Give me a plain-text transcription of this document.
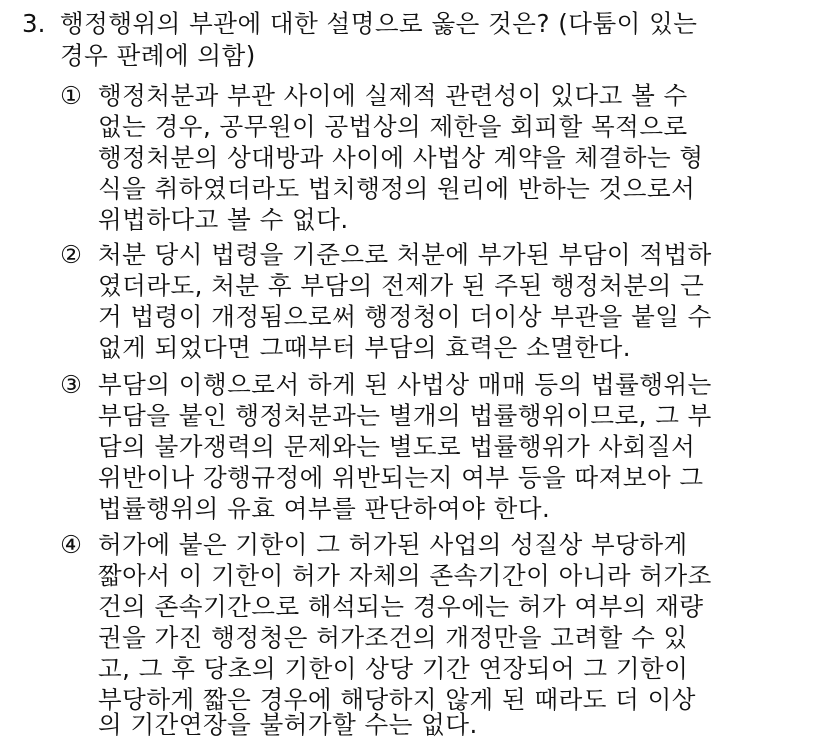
3. 행정행위의 부관에 대한 설명으로 옳은 것은? (다툼이 있는
경우 판례에 의함)
① 행정처분과 부관 사이에 실제적 관련성이 있다고 볼 수
없는 경우, 공무원이 공법상의 제한을 회피할 목적으로
행정처분의 상대방과 사이에 사법상 계약을 체결하는 형
식을 취하였더라도 법치행정의 원리에 반하는 것으로서
위법하다고 볼 수 없다.
② 처분 당시 법령을 기준으로 처분에 부가된 부담이 적법하
였더라도, 처분 후 부담의 전제가 된 주된 행정처분의 근
거 법령이 개정됨으로써 행정청이 더이상 부관을 붙일 수
없게 되었다면 그때부터 부담의 효력은 소멸한다.
③ 부담의 이행으로서 하게 된 사법상 매매 등의 법률행위는
부담을 붙인 행정처분과는 별개의 법률행위이므로, 그 부
담의 불가쟁력의 문제와는 별도로 법률행위가 사회질서
위반이나 강행규정에 위반되는지 여부 등을 따져보아 그
법률행위의 유효 여부를 판단하여야 한다.
④ 허가에 붙은 기한이 그 허가된 사업의 성질상 부당하게
짧아서 이 기한이 허가 자체의 존속기간이 아니라 허가조
건의 존속기간으로 해석되는 경우에는 허가 여부의 재량
권을 가진 행정청은 허가조건의 개정만을 고려할 수 있
고, 그 후 당초의 기한이 상당 기간 연장되어 그 기한이
부당하게 짧은 경우에 해당하지 않게 된 때라도 더 이상
의 기간연장을 불허가할 수는 없다.
